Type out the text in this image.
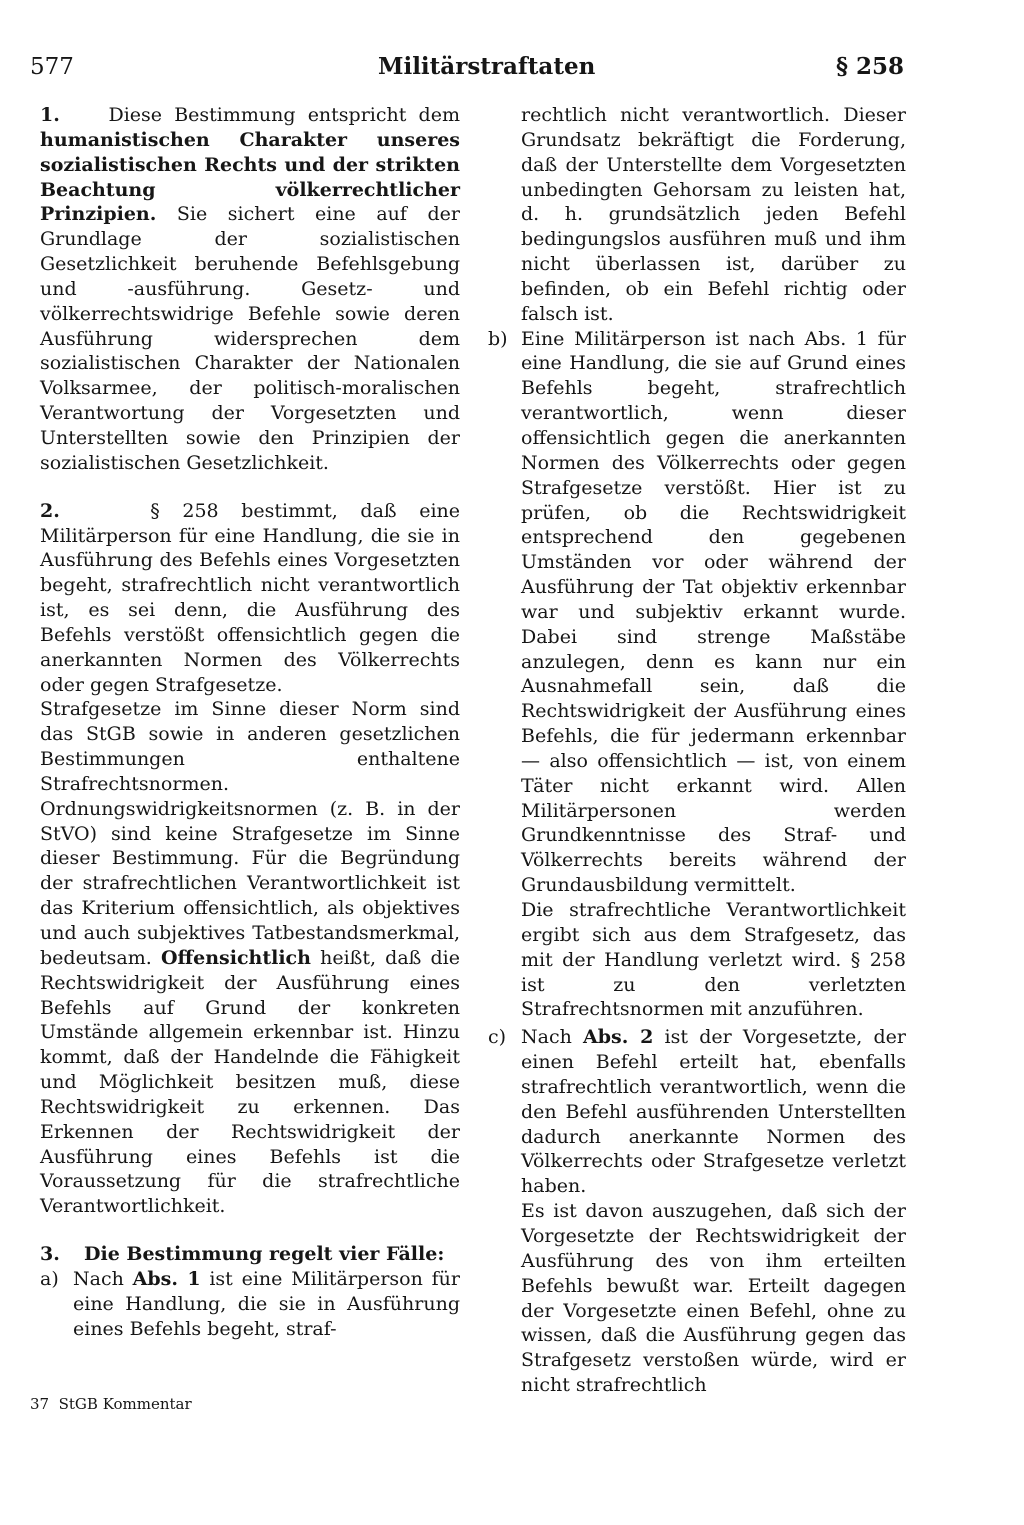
577	Militärstraftaten	§ 258

1.	Diese Bestimmung entspricht dem humanistischen Charakter unseres sozialistischen Rechts und der strikten Beachtung völkerrechtlicher Prinzipien. Sie sichert eine auf der Grundlage der sozialistischen Gesetzlichkeit beruhende Befehlsgebung und -ausführung. Gesetz- und völkerrechtswidrige Befehle sowie deren Ausführung widersprechen dem sozialistischen Charakter der Nationalen Volksarmee, der politisch-moralischen Verantwortung der Vorgesetzten und Unterstellten sowie den Prinzipien der sozialistischen Gesetzlichkeit.

2.	§ 258 bestimmt, daß eine Militärperson für eine Handlung, die sie in Ausführung des Befehls eines Vorgesetzten begeht, strafrechtlich nicht verantwortlich ist, es sei denn, die Ausführung des Befehls verstößt offensichtlich gegen die anerkannten Normen des Völkerrechts oder gegen Strafgesetze.

Strafgesetze im Sinne dieser Norm sind das StGB sowie in anderen gesetzlichen Bestimmungen enthaltene Strafrechtsnormen.

Ordnungswidrigkeitsnormen (z. B. in der StVO) sind keine Strafgesetze im Sinne dieser Bestimmung. Für die Begründung der strafrechtlichen Verantwortlichkeit ist das Kriterium offensichtlich, als objektives und auch subjektives Tatbestandsmerkmal, bedeutsam. Offensichtlich heißt, daß die Rechtswidrigkeit der Ausführung eines Befehls auf Grund der konkreten Umstände allgemein erkennbar ist. Hinzu kommt, daß der Handelnde die Fähigkeit und Möglichkeit besitzen muß, diese Rechtswidrigkeit zu erkennen. Das Erkennen der Rechtswidrigkeit der Ausführung eines Befehls ist die Voraussetzung für die strafrechtliche Verantwortlichkeit.

3. Die Bestimmung regelt vier Fälle:

a) Nach Abs. 1 ist eine Militärperson für eine Handlung, die sie in Ausführung eines Befehls begeht, straf-
rechtlich nicht verantwortlich. Dieser Grundsatz bekräftigt die Forderung, daß der Unterstellte dem Vorgesetzten unbedingten Gehorsam zu leisten hat, d. h. grundsätzlich jeden Befehl bedingungslos ausführen muß und ihm nicht überlassen ist, darüber zu befinden, ob ein Befehl richtig oder falsch ist.
b) Eine Militärperson ist nach Abs. 1 für eine Handlung, die sie auf Grund eines Befehls begeht, strafrechtlich verantwortlich, wenn dieser offensichtlich gegen die anerkannten Normen des Völkerrechts oder gegen Strafgesetze verstößt. Hier ist zu prüfen, ob die Rechtswidrigkeit entsprechend den gegebenen Umständen vor oder während der Ausführung der Tat objektiv erkennbar war und subjektiv erkannt wurde. Dabei sind strenge Maßstäbe anzulegen, denn es kann nur ein Ausnahmefall sein, daß die Rechtswidrigkeit der Ausführung eines Befehls, die für jedermann erkennbar — also offensichtlich — ist, von einem Täter nicht erkannt wird. Allen Militärpersonen werden Grundkenntnisse des Straf- und Völkerrechts bereits während der Grundausbildung vermittelt.

Die strafrechtliche Verantwortlichkeit ergibt sich aus dem Strafgesetz, das mit der Handlung verletzt wird. § 258 ist zu den verletzten Strafrechtsnormen mit anzuführen.

c) Nach Abs. 2 ist der Vorgesetzte, der einen Befehl erteilt hat, ebenfalls strafrechtlich verantwortlich, wenn die den Befehl ausführenden Unterstellten dadurch anerkannte Normen des Völkerrechts oder Strafgesetze verletzt haben.

Es ist davon auszugehen, daß sich der Vorgesetzte der Rechtswidrigkeit der Ausführung des von ihm erteilten Befehls bewußt war. Erteilt dagegen der Vorgesetzte einen Befehl, ohne zu wissen, daß die Ausführung gegen das Strafgesetz verstoßen würde, wird er nicht strafrechtlich

37  StGB Kommentar
